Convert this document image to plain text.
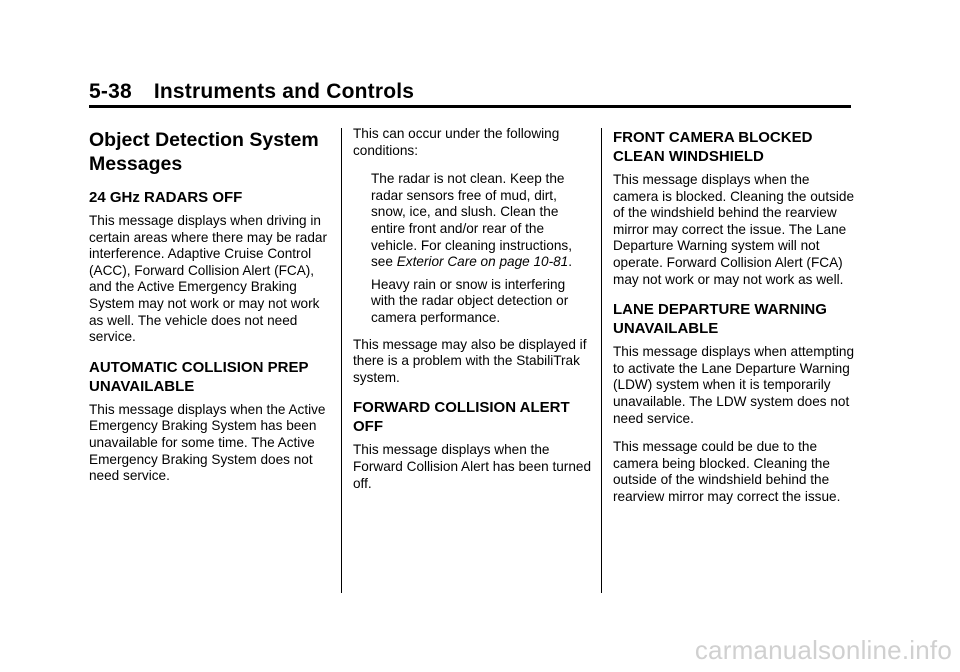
5-38 Instruments and Controls
Object Detection System Messages
24 GHz RADARS OFF

This message displays when driving in certain areas where there may be radar interference. Adaptive Cruise Control (ACC), Forward Collision Alert (FCA), and the Active Emergency Braking System may not work or may not work as well. The vehicle does not need service.

AUTOMATIC COLLISION PREP UNAVAILABLE

This message displays when the Active Emergency Braking System has been unavailable for some time. The Active Emergency Braking System does not need service.

This can occur under the following conditions:

The radar is not clean. Keep the radar sensors free of mud, dirt, snow, ice, and slush. Clean the entire front and/or rear of the vehicle. For cleaning instructions, see Exterior Care on page 10-81.
Heavy rain or snow is interfering with the radar object detection or camera performance.

This message may also be displayed if there is a problem with the StabiliTrak system.

FORWARD COLLISION ALERT OFF

This message displays when the Forward Collision Alert has been turned off.

FRONT CAMERA BLOCKED CLEAN WINDSHIELD

This message displays when the camera is blocked. Cleaning the outside of the windshield behind the rearview mirror may correct the issue. The Lane Departure Warning system will not operate. Forward Collision Alert (FCA) may not work or may not work as well.

LANE DEPARTURE WARNING UNAVAILABLE

This message displays when attempting to activate the Lane Departure Warning (LDW) system when it is temporarily unavailable. The LDW system does not need service.

This message could be due to the camera being blocked. Cleaning the outside of the windshield behind the rearview mirror may correct the issue.

carmanualsonline.info
